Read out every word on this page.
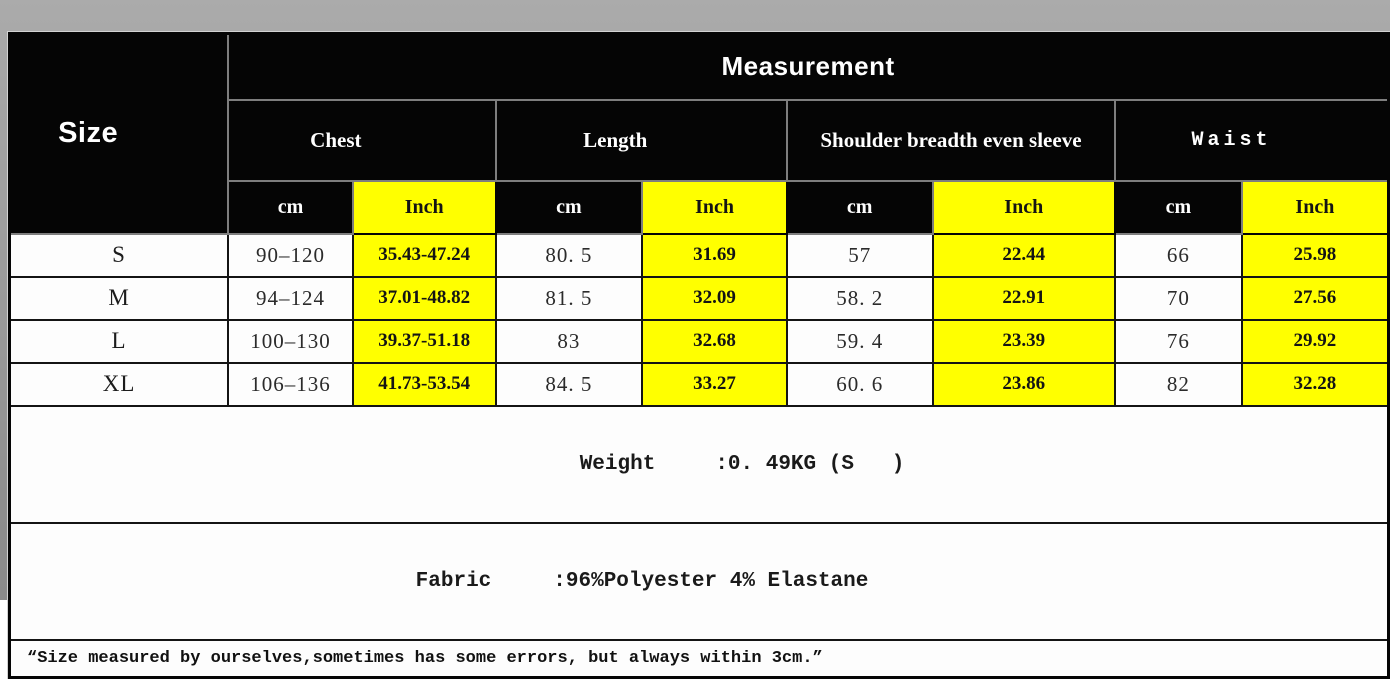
Size	Measurement							
	Chest		Length		Shoulder breadth even sleeve		Waist	
	cm	Inch	cm	Inch	cm	Inch	cm	Inch
S	90–120	35.43-47.24	80. 5	31.69	57	22.44	66	25.98
M	94–124	37.01-48.82	81. 5	32.09	58. 2	22.91	70	27.56
L	100–130	39.37-51.18	83	32.68	59. 4	23.39	76	29.92
XL	106–136	41.73-53.54	84. 5	33.27	60. 6	23.86	82	32.28

Weight :0. 49KG (S   )								

Fabric :96%Polyester 4% Elastane								

“Size measured by ourselves,sometimes has some errors, but always within 3cm.”								
